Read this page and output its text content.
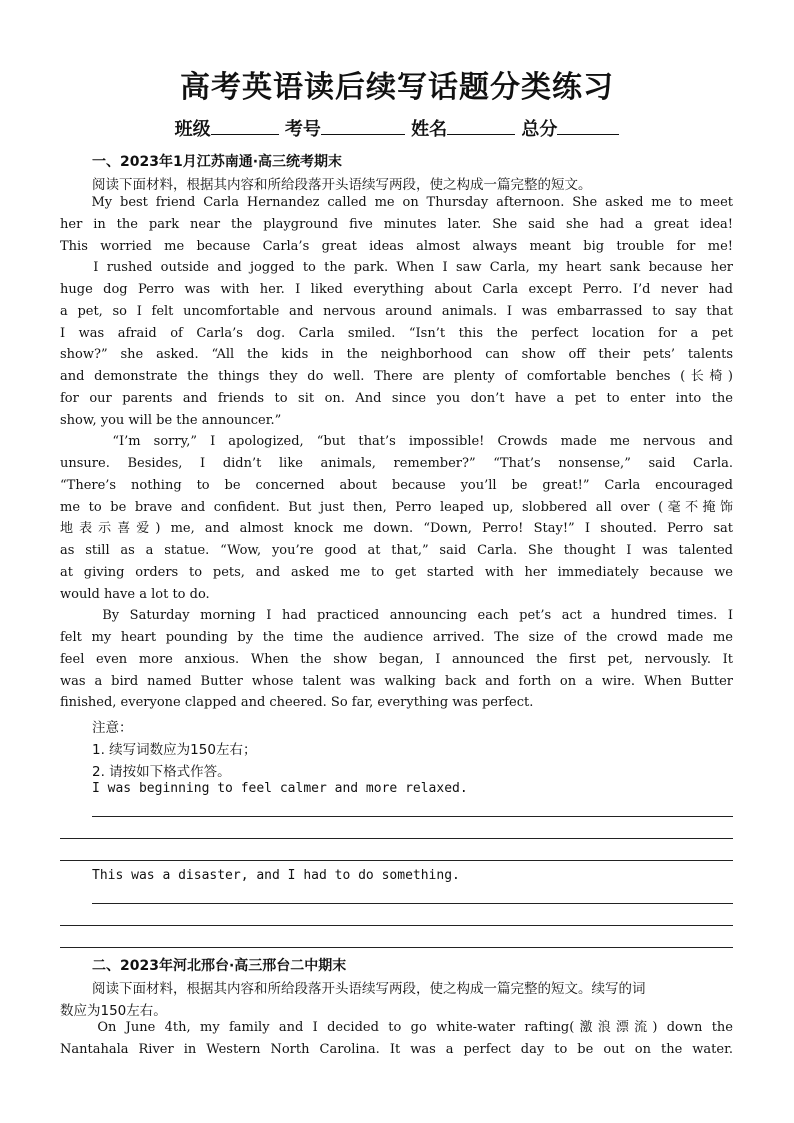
高考英语读后续写话题分类练习
班级	考号	姓名	总分
一、2023年1月江苏南通·高三统考期末
阅读下面材料，根据其内容和所给段落开头语续写两段，使之构成一篇完整的短文。
My best friend Carla Hernandez called me on Thursday afternoon. She asked me to meet
her in the park near the playground five minutes later. She said she had a great idea!
This worried me because Carla’s great ideas almost always meant big trouble for me!
I rushed outside and jogged to the park. When I saw Carla, my heart sank because her
huge dog Perro was with her. I liked everything about Carla except Perro. I’d never had
a pet, so I felt uncomfortable and nervous around animals. I was embarrassed to say that
I was afraid of Carla’s dog. Carla smiled. “Isn’t this the perfect location for a pet
show?” she asked. “All the kids in the neighborhood can show off their pets’ talents
and demonstrate the things they do well. There are plenty of comfortable benches (长椅)
for our parents and friends to sit on. And since you don’t have a pet to enter into the
show, you will be the announcer.”
“I’m sorry,” I apologized, “but that’s impossible! Crowds made me nervous and
unsure. Besides, I didn’t like animals, remember?” “That’s nonsense,” said Carla.
“There’s nothing to be concerned about because you’ll be great!” Carla encouraged
me to be brave and confident. But just then, Perro leaped up, slobbered all over (毫不掩饰
地表示喜爱) me, and almost knock me down. “Down, Perro! Stay!” I shouted. Perro sat
as still as a statue. “Wow, you’re good at that,” said Carla. She thought I was talented
at giving orders to pets, and asked me to get started with her immediately because we
would have a lot to do.
By Saturday morning I had practiced announcing each pet’s act a hundred times. I
felt my heart pounding by the time the audience arrived. The size of the crowd made me
feel even more anxious. When the show began, I announced the first pet, nervously. It
was a bird named Butter whose talent was walking back and forth on a wire. When Butter
finished, everyone clapped and cheered. So far, everything was perfect.
注意：
1. 续写词数应为150左右；
2. 请按如下格式作答。
I was beginning to feel calmer and more relaxed.
This was a disaster, and I had to do something.
二、2023年河北邢台·高三邢台二中期末
阅读下面材料，根据其内容和所给段落开头语续写两段，使之构成一篇完整的短文。续写的词
数应为150左右。
On June 4th, my family and I decided to go white-water rafting(激浪漂流) down the
Nantahala River in Western North Carolina. It was a perfect day to be out on the water.
